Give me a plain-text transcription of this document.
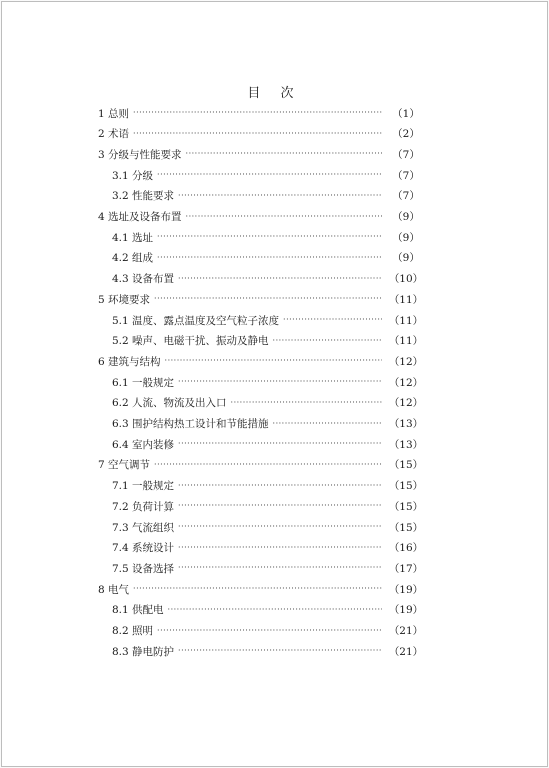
目 次
1 总则 ·····	（1）
2 术语 ·····	（2）
3 分级与性能要求 ·····	（7）
3.1 分级 ·····	（7）
3.2 性能要求 ·····	（7）
4 选址及设备布置 ·····	（9）
4.1 选址 ·····	（9）
4.2 组成 ·····	（9）
4.3 设备布置 ·····	（10）
5 环境要求 ·····	（11）
5.1 温度、露点温度及空气粒子浓度 ·····	（11）
5.2 噪声、电磁干扰、振动及静电 ·····	（11）
6 建筑与结构 ·····	（12）
6.1 一般规定 ·····	（12）
6.2 人流、物流及出入口 ·····	（12）
6.3 围护结构热工设计和节能措施 ·····	（13）
6.4 室内装修 ·····	（13）
7 空气调节 ·····	（15）
7.1 一般规定 ·····	（15）
7.2 负荷计算 ·····	（15）
7.3 气流组织 ·····	（15）
7.4 系统设计 ·····	（16）
7.5 设备选择 ·····	（17）
8 电气 ·····	（19）
8.1 供配电 ·····	（19）
8.2 照明 ·····	（21）
8.3 静电防护 ·····	（21）
